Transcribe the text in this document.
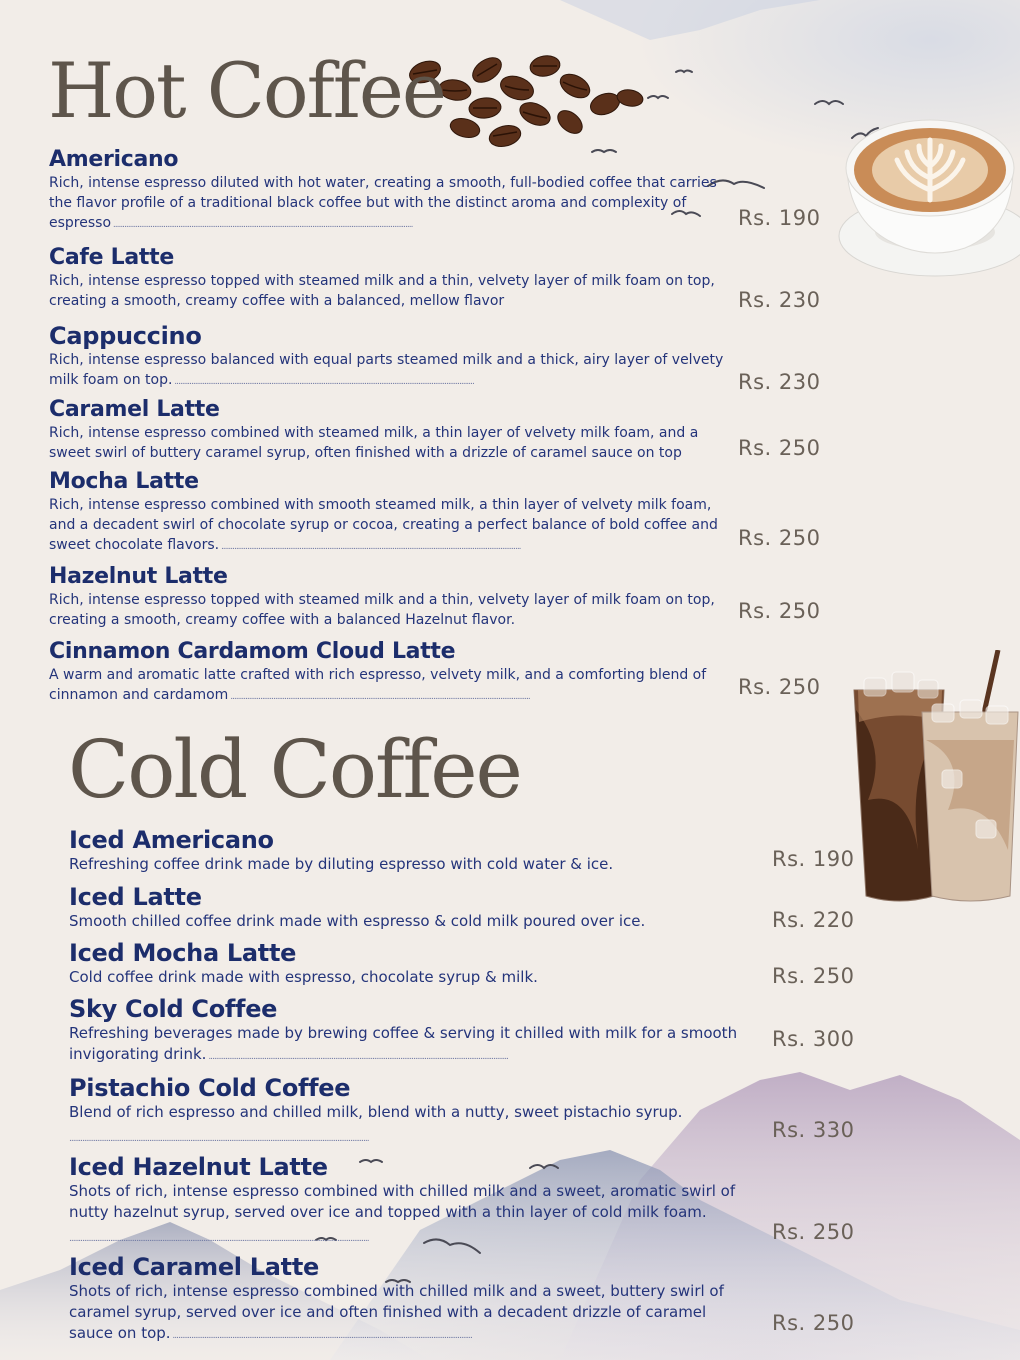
Hot Coffee
Americano
Rich, intense espresso diluted with hot water, creating a smooth, full-bodied coffee that carries the flavor profile of a traditional black coffee but with the distinct aroma and complexity of espresso .....	Rs. 190
Cafe Latte
Rich, intense espresso topped with steamed milk and a thin, velvety layer of milk foam on top, creating a smooth, creamy coffee with a balanced, mellow flavor .....	Rs. 230
Cappuccino
Rich, intense espresso balanced with equal parts steamed milk and a thick, airy layer of velvety milk foam on top. .....	Rs. 230
Caramel Latte
Rich, intense espresso combined with steamed milk, a thin layer of velvety milk foam, and a sweet swirl of buttery caramel syrup, often finished with a drizzle of caramel sauce on top .....	Rs. 250
Mocha Latte
Rich, intense espresso combined with smooth steamed milk, a thin layer of velvety milk foam, and a decadent swirl of chocolate syrup or cocoa, creating a perfect balance of bold coffee and sweet chocolate flavors. .....	Rs. 250
Hazelnut Latte
Rich, intense espresso topped with steamed milk and a thin, velvety layer of milk foam on top, creating a smooth, creamy coffee with a balanced Hazelnut flavor. .....	Rs. 250
Cinnamon Cardamom Cloud Latte
A warm and aromatic latte crafted with rich espresso, velvety milk, and a comforting blend of cinnamon and cardamom .....	Rs. 250
Cold Coffee
Iced Americano
Refreshing coffee drink made by diluting espresso with cold water & ice. .....	Rs. 190
Iced Latte
Smooth chilled coffee drink made with espresso & cold milk poured over ice. .....	Rs. 220
Iced Mocha Latte
Cold coffee drink made with espresso, chocolate syrup & milk. .....	Rs. 250
Sky Cold Coffee
Refreshing beverages made by brewing coffee & serving it chilled with milk for a smooth invigorating drink. .....
Rs. 300
Pistachio Cold Coffee
Blend of rich espresso and chilled milk, blend with a nutty, sweet pistachio syrup. .....
Rs. 330
Iced Hazelnut Latte
Shots of rich, intense espresso combined with chilled milk and a sweet, aromatic swirl of nutty hazelnut syrup, served over ice and topped with a thin layer of cold milk foam. .....
Rs. 250
Iced Caramel Latte
Shots of rich, intense espresso combined with chilled milk and a sweet, buttery swirl of caramel syrup, served over ice and often finished with a decadent drizzle of caramel sauce on top. .....	Rs. 250
